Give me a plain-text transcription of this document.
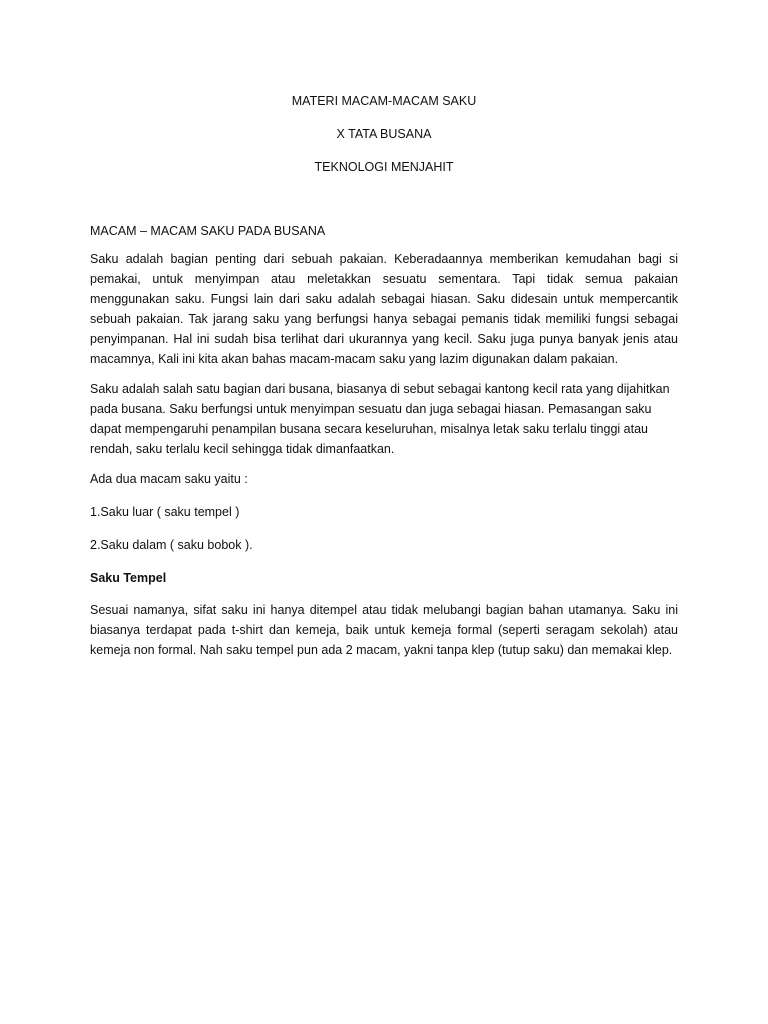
MATERI MACAM-MACAM SAKU
X TATA BUSANA
TEKNOLOGI MENJAHIT
MACAM – MACAM SAKU PADA BUSANA

Saku adalah bagian penting dari sebuah pakaian. Keberadaannya memberikan kemudahan bagi si pemakai, untuk menyimpan atau meletakkan sesuatu sementara. Tapi tidak semua pakaian menggunakan saku. Fungsi lain dari saku adalah sebagai hiasan. Saku didesain untuk mempercantik sebuah pakaian. Tak jarang saku yang berfungsi hanya sebagai pemanis tidak memiliki fungsi sebagai penyimpanan. Hal ini sudah bisa terlihat dari ukurannya yang kecil. Saku juga punya banyak jenis atau macamnya, Kali ini kita akan bahas macam-macam saku yang lazim digunakan dalam pakaian.

Saku adalah salah satu bagian dari busana, biasanya di sebut sebagai kantong kecil rata yang dijahitkan pada busana. Saku berfungsi untuk menyimpan sesuatu dan juga sebagai hiasan. Pemasangan saku dapat mempengaruhi penampilan busana secara keseluruhan, misalnya letak saku terlalu tinggi atau rendah, saku terlalu kecil sehingga tidak dimanfaatkan.

Ada dua macam saku yaitu :

1.Saku luar ( saku tempel )

2.Saku dalam ( saku bobok ).

Saku Tempel

Sesuai namanya, sifat saku ini hanya ditempel atau tidak melubangi bagian bahan utamanya. Saku ini biasanya terdapat pada t-shirt dan kemeja, baik untuk kemeja formal (seperti seragam sekolah) atau kemeja non formal. Nah saku tempel pun ada 2 macam, yakni tanpa klep (tutup saku) dan memakai klep.
